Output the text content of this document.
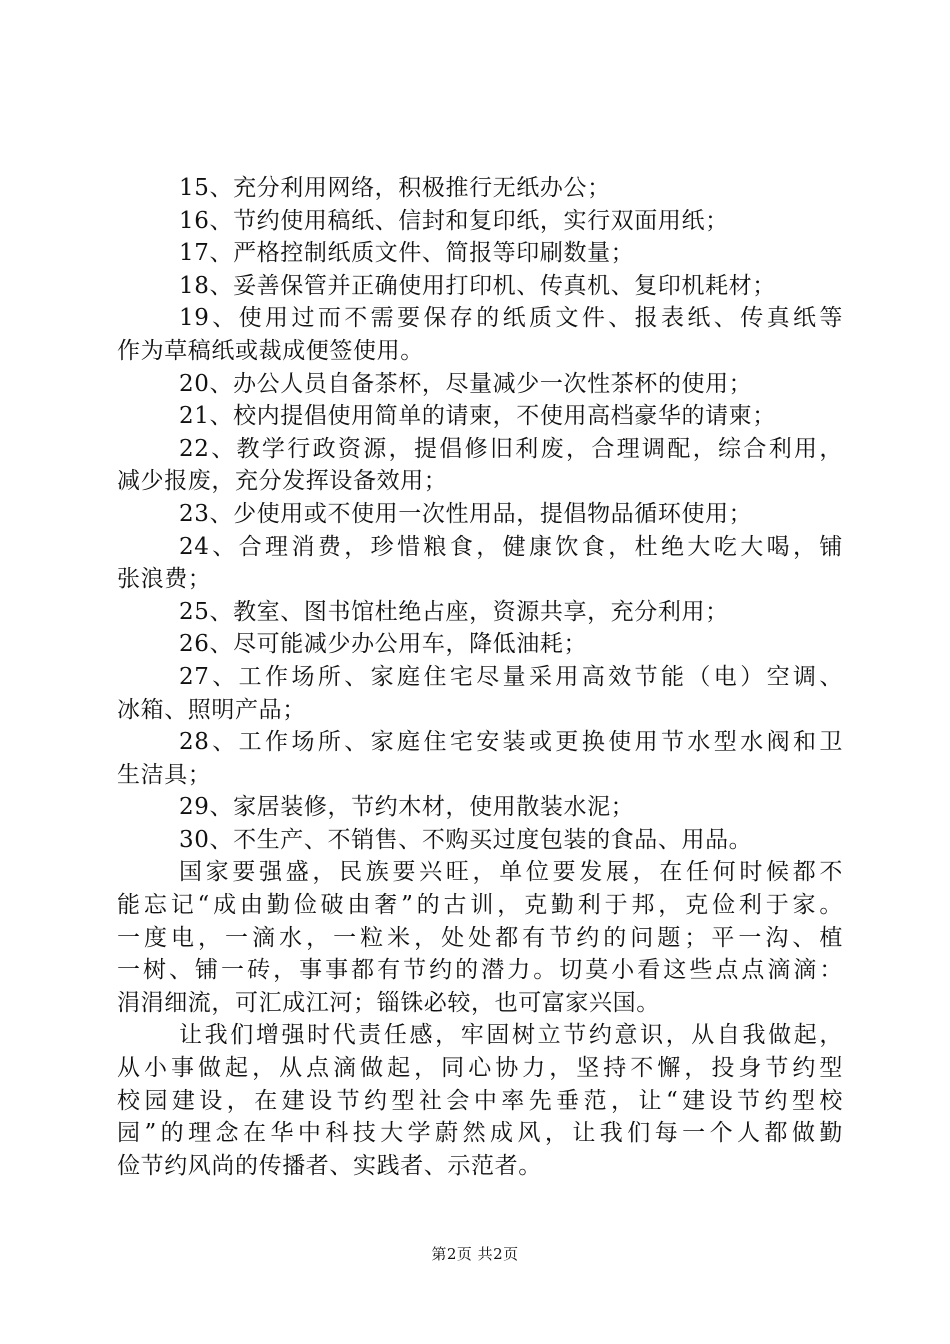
15、充分利用网络，积极推行无纸办公；
16、节约使用稿纸、信封和复印纸，实行双面用纸；
17、严格控制纸质文件、简报等印刷数量；
18、妥善保管并正确使用打印机、传真机、复印机耗材；
19、使用过而不需要保存的纸质文件、报表纸、传真纸等
作为草稿纸或裁成便签使用。
20、办公人员自备茶杯，尽量减少一次性茶杯的使用；
21、校内提倡使用简单的请柬，不使用高档豪华的请柬；
22、教学行政资源，提倡修旧利废，合理调配，综合利用，
减少报废，充分发挥设备效用；
23、少使用或不使用一次性用品，提倡物品循环使用；
24、合理消费，珍惜粮食，健康饮食，杜绝大吃大喝，铺
张浪费；
25、教室、图书馆杜绝占座，资源共享，充分利用；
26、尽可能减少办公用车，降低油耗；
27、工作场所、家庭住宅尽量采用高效节能（电）空调、
冰箱、照明产品；
28、工作场所、家庭住宅安装或更换使用节水型水阀和卫
生洁具；
29、家居装修，节约木材，使用散装水泥；
30、不生产、不销售、不购买过度包装的食品、用品。
国家要强盛，民族要兴旺，单位要发展，在任何时候都不
能忘记“成由勤俭破由奢”的古训，克勤利于邦，克俭利于家。
一度电，一滴水，一粒米，处处都有节约的问题；平一沟、植
一树、铺一砖，事事都有节约的潜力。切莫小看这些点点滴滴：
涓涓细流，可汇成江河；锱铢必较，也可富家兴国。
让我们增强时代责任感，牢固树立节约意识，从自我做起，
从小事做起，从点滴做起，同心协力，坚持不懈，投身节约型
校园建设，在建设节约型社会中率先垂范，让“建设节约型校
园”的理念在华中科技大学蔚然成风，让我们每一个人都做勤
俭节约风尚的传播者、实践者、示范者。
第2页 共2页
